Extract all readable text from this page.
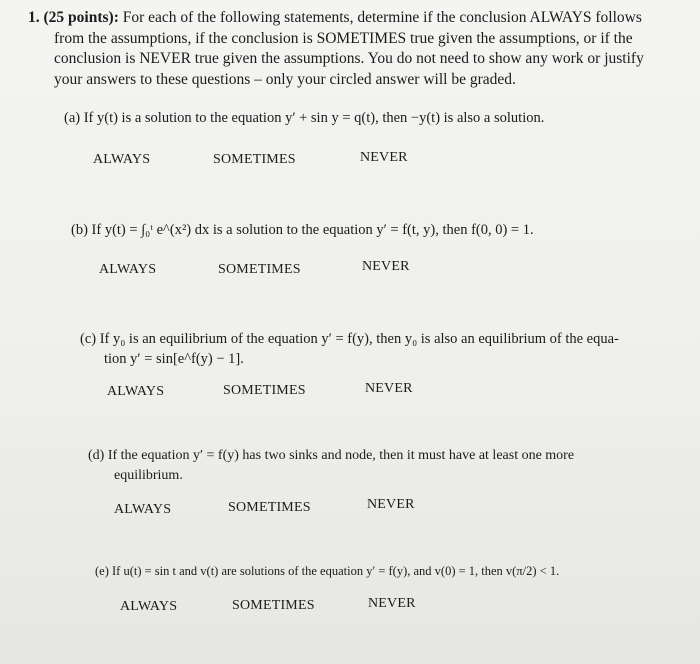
1. (25 points): For each of the following statements, determine if the conclusion ALWAYS follows
from the assumptions, if the conclusion is SOMETIMES true given the assumptions, or if the
conclusion is NEVER true given the assumptions. You do not need to show any work or justify
your answers to these questions – only your circled answer will be graded.
(a) If y(t) is a solution to the equation y′ + sin y = q(t), then −y(t) is also a solution.
ALWAYS	SOMETIMES	NEVER
(b) If y(t) = ∫₀ᵗ e^(x²) dx is a solution to the equation y′ = f(t, y), then f(0, 0) = 1.
ALWAYS	SOMETIMES	NEVER
(c) If y₀ is an equilibrium of the equation y′ = f(y), then y₀ is also an equilibrium of the equa-
tion y′ = sin[e^f(y) − 1].
ALWAYS	SOMETIMES	NEVER
(d) If the equation y′ = f(y) has two sinks and node, then it must have at least one more
equilibrium.
ALWAYS	SOMETIMES	NEVER
(e) If u(t) = sin t and v(t) are solutions of the equation y′ = f(y), and v(0) = 1, then v(π/2) < 1.
ALWAYS	SOMETIMES	NEVER
